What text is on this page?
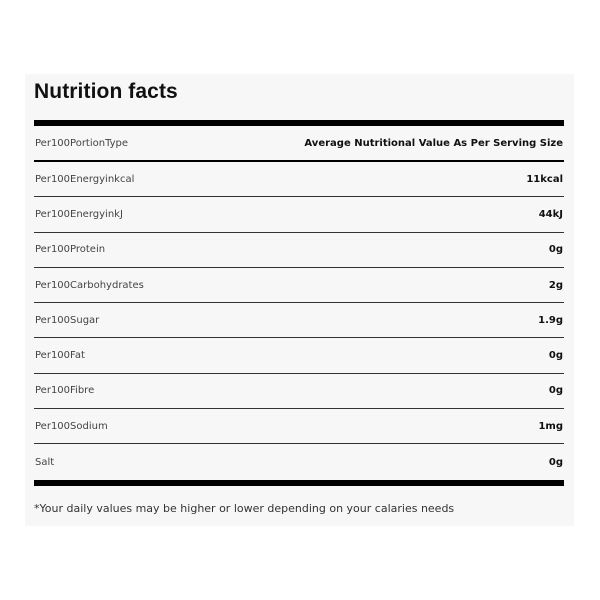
Nutrition facts
Per100PortionType	Average Nutritional Value As Per Serving Size
Per100Energyinkcal	11kcal
Per100EnergyinkJ	44kJ
Per100Protein	0g
Per100Carbohydrates	2g
Per100Sugar	1.9g
Per100Fat	0g
Per100Fibre	0g
Per100Sodium	1mg
Salt	0g
*Your daily values may be higher or lower depending on your calaries needs
